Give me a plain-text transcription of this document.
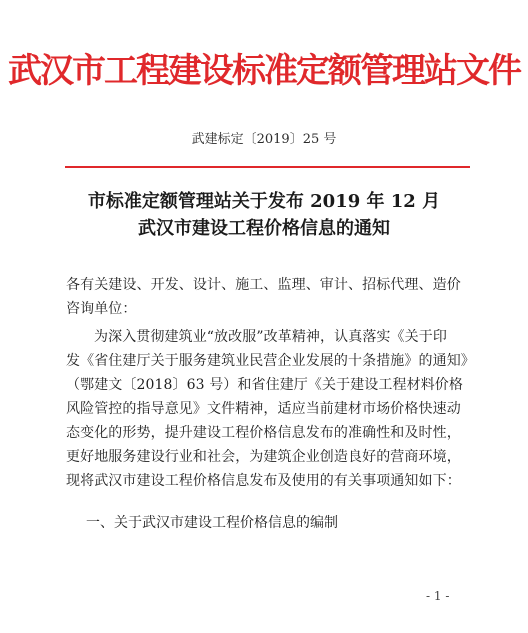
武汉市工程建设标准定额管理站文件
武建标定〔2019〕25 号
市标准定额管理站关于发布 2019 年 12 月
武汉市建设工程价格信息的通知
各有关建设、开发、设计、施工、监理、审计、招标代理、造价
咨询单位：
为深入贯彻建筑业“放改服”改革精神，认真落实《关于印
发《省住建厅关于服务建筑业民营企业发展的十条措施》的通知》
（鄂建文〔2018〕63 号）和省住建厅《关于建设工程材料价格
风险管控的指导意见》文件精神，适应当前建材市场价格快速动
态变化的形势，提升建设工程价格信息发布的准确性和及时性，
更好地服务建设行业和社会，为建筑企业创造良好的营商环境，
现将武汉市建设工程价格信息发布及使用的有关事项通知如下：
一、关于武汉市建设工程价格信息的编制
- 1 -
